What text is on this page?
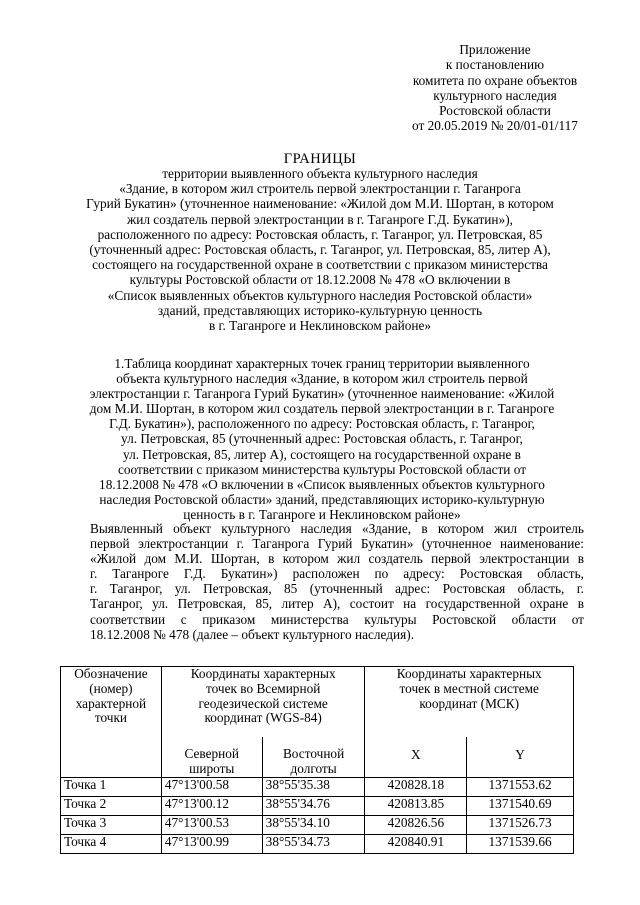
Приложение
к постановлению
комитета по охране объектов
культурного наследия
Ростовской области
от 20.05.2019 № 20/01-01/117
ГРАНИЦЫ
территории выявленного объекта культурного наследия
«Здание, в котором жил строитель первой электростанции г. Таганрога
Гурий Букатин» (уточненное наименование: «Жилой дом М.И. Шортан, в котором
жил создатель первой электростанции в г. Таганроге Г.Д. Букатин»),
расположенного по адресу: Ростовская область, г. Таганрог, ул. Петровская, 85
(уточненный адрес: Ростовская область, г. Таганрог, ул. Петровская, 85, литер А),
состоящего на государственной охране в соответствии с приказом министерства
культуры Ростовской области от 18.12.2008 № 478 «О включении в
«Список выявленных объектов культурного наследия Ростовской области»
зданий, представляющих историко-культурную ценность
в г. Таганроге и Неклиновском районе»
1.Таблица координат характерных точек границ территории выявленного
объекта культурного наследия «Здание, в котором жил строитель первой
электростанции г. Таганрога Гурий Букатин» (уточненное наименование: «Жилой
дом М.И. Шортан, в котором жил создатель первой электростанции в г. Таганроге
Г.Д. Букатин»), расположенного по адресу: Ростовская область, г. Таганрог,
ул. Петровская, 85 (уточненный адрес: Ростовская область, г. Таганрог,
ул. Петровская, 85, литер А), состоящего на государственной охране в
соответствии с приказом министерства культуры Ростовской области от
18.12.2008 № 478 «О включении в «Список выявленных объектов культурного
наследия Ростовской области» зданий, представляющих историко-культурную
ценность в г. Таганроге и Неклиновском районе»
Выявленный объект культурного наследия «Здание, в котором жил строитель
первой электростанции г. Таганрога Гурий Букатин» (уточненное наименование:
«Жилой дом М.И. Шортан, в котором жил создатель первой электростанции в
г. Таганроге Г.Д. Букатин») расположен по адресу: Ростовская область,
г. Таганрог, ул. Петровская, 85 (уточненный адрес: Ростовская область, г.
Таганрог, ул. Петровская, 85, литер А), состоит на государственной охране в
соответствии с приказом министерства культуры Ростовской области от
18.12.2008 № 478 (далее – объект культурного наследия).
Обозначение
(номер)
характерной
точки	Координаты характерных
точек во Всемирной
геодезической системе
координат (WGS-84)		Координаты характерных
точек в местной системе
координат (МСК)	

	Северной
широты	Восточной
долготы	X	Y
Точка 1	47°13'00.58	38°55'35.38	420828.18	1371553.62
Точка 2	47°13'00.12	38°55'34.76	420813.85	1371540.69
Точка 3	47°13'00.53	38°55'34.10	420826.56	1371526.73
Точка 4	47°13'00.99	38°55'34.73	420840.91	1371539.66
